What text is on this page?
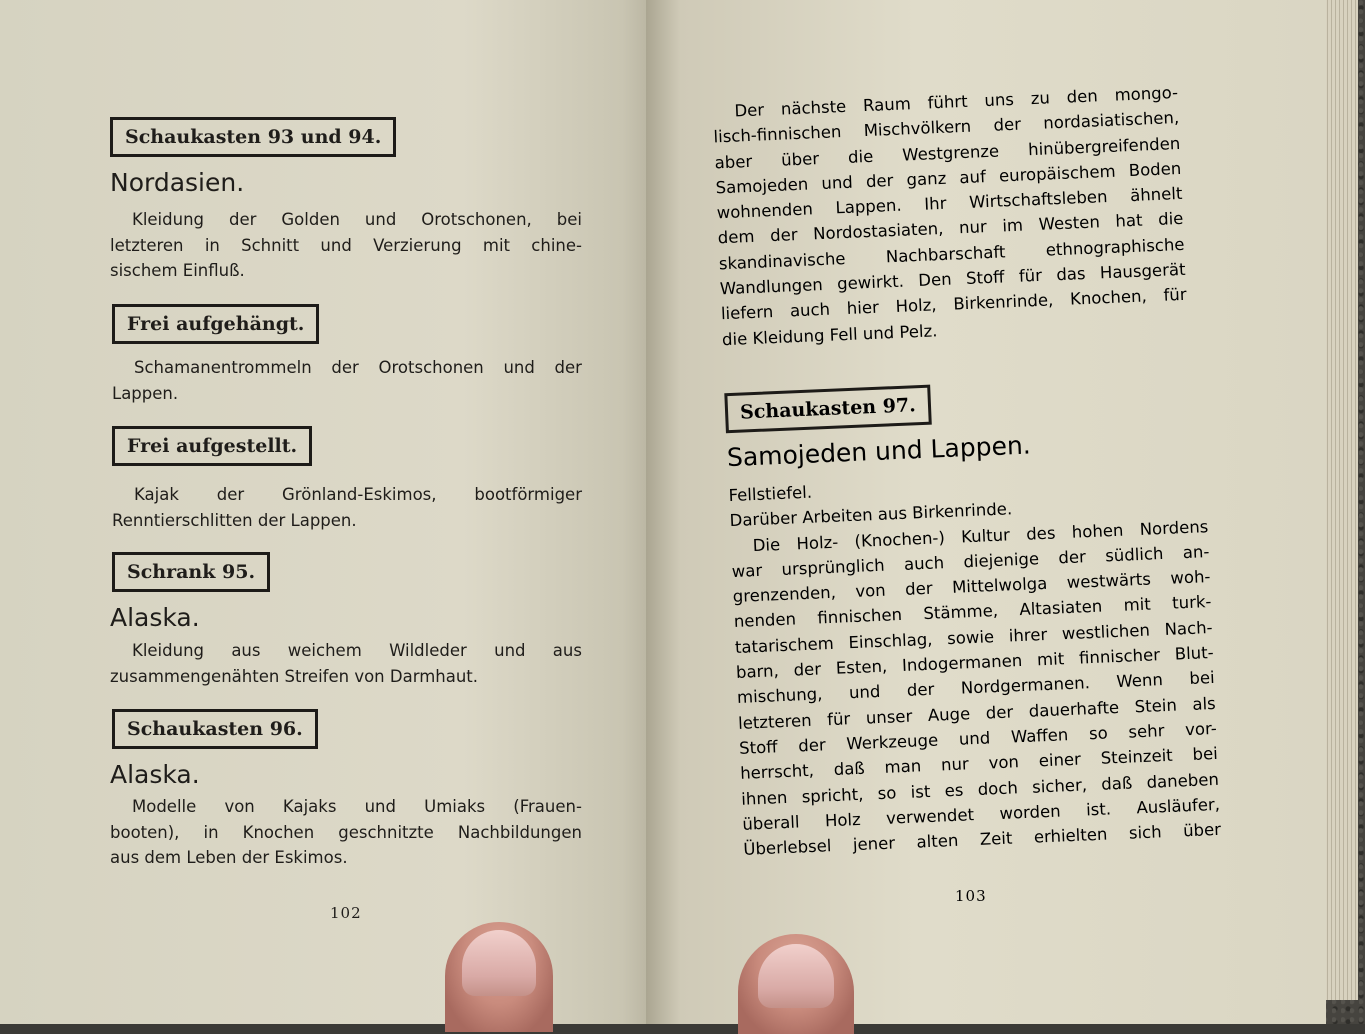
Schaukasten 93 und 94.
Nordasien.
Kleidung der Golden und Orotschonen, bei
letzteren in Schnitt und Verzierung mit chine-
sischem Einfluß.
Frei aufgehängt.
Schamanentrommeln der Orotschonen und der
Lappen.
Frei aufgestellt.
Kajak der Grönland-Eskimos, bootförmiger
Renntierschlitten der Lappen.
Schrank 95.
Alaska.
Kleidung aus weichem Wildleder und aus
zusammengenähten Streifen von Darmhaut.
Schaukasten 96.
Alaska.
Modelle von Kajaks und Umiaks (Frauen-
booten), in Knochen geschnitzte Nachbildungen
aus dem Leben der Eskimos.
102
Der nächste Raum führt uns zu den mongo-
lisch-finnischen Mischvölkern der nordasiatischen,
aber über die Westgrenze hinübergreifenden
Samojeden und der ganz auf europäischem Boden
wohnenden Lappen. Ihr Wirtschaftsleben ähnelt
dem der Nordostasiaten, nur im Westen hat die
skandinavische Nachbarschaft ethnographische
Wandlungen gewirkt. Den Stoff für das Hausgerät
liefern auch hier Holz, Birkenrinde, Knochen, für
die Kleidung Fell und Pelz.
Schaukasten 97.
Samojeden und Lappen.
Fellstiefel.
Darüber Arbeiten aus Birkenrinde.
Die Holz- (Knochen-) Kultur des hohen Nordens
war ursprünglich auch diejenige der südlich an-
grenzenden, von der Mittelwolga westwärts woh-
nenden finnischen Stämme, Altasiaten mit turk-
tatarischem Einschlag, sowie ihrer westlichen Nach-
barn, der Esten, Indogermanen mit finnischer Blut-
mischung, und der Nordgermanen. Wenn bei
letzteren für unser Auge der dauerhafte Stein als
Stoff der Werkzeuge und Waffen so sehr vor-
herrscht, daß man nur von einer Steinzeit bei
ihnen spricht, so ist es doch sicher, daß daneben
überall Holz verwendet worden ist. Ausläufer,
Überlebsel jener alten Zeit erhielten sich über
103
